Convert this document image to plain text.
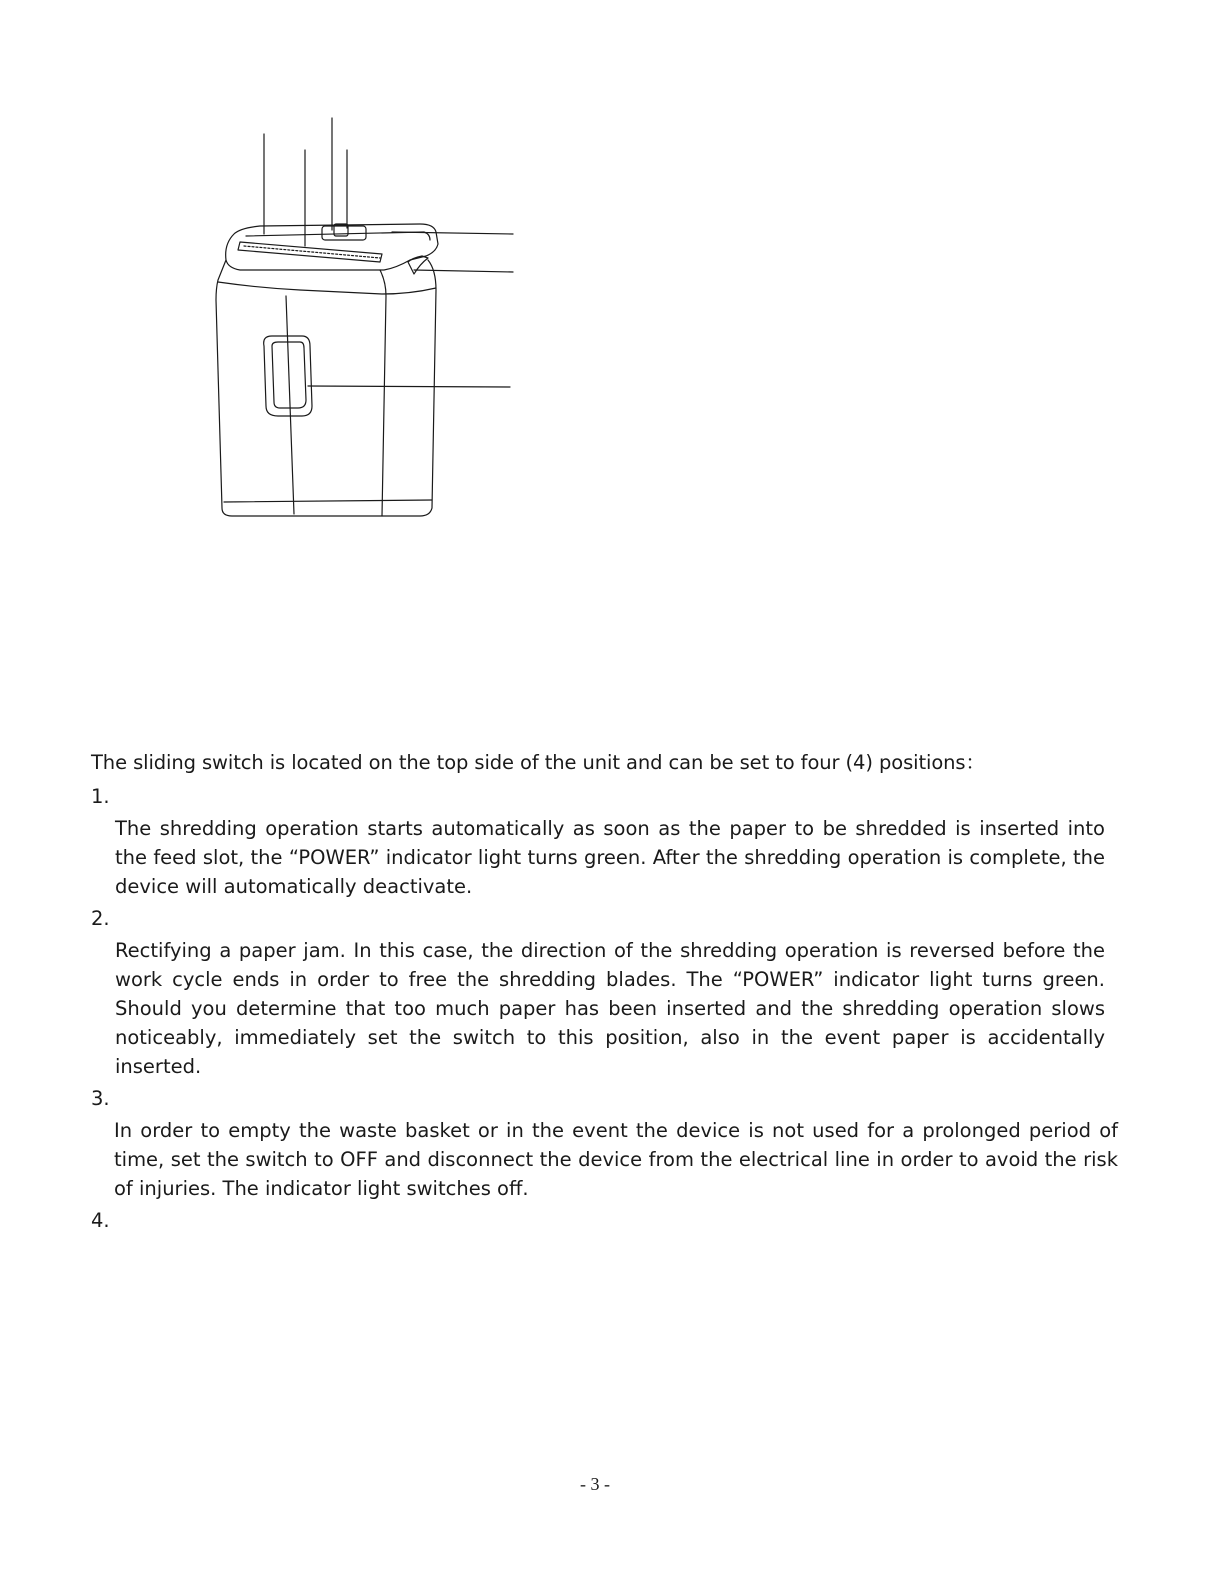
The sliding switch is located on the top side of the unit and can be set to four (4) positions：

1.

The shredding operation starts automatically as soon as the paper to be shredded is inserted into the feed slot, the “POWER” indicator light turns green. After the shredding operation is complete, the device will automatically deactivate.

2.

Rectifying a paper jam. In this case, the direction of the shredding operation is reversed before the work cycle ends in order to free the shredding blades. The “POWER” indicator light turns green. Should you determine that too much paper has been inserted and the shredding operation slows noticeably, immediately set the switch to this position, also in the event paper is accidentally inserted.

3.

In order to empty the waste basket or in the event the device is not used for a prolonged period of time, set the switch to OFF and disconnect the device from the electrical line in order to avoid the risk of injuries. The indicator light switches off.

4.
- 3 -
